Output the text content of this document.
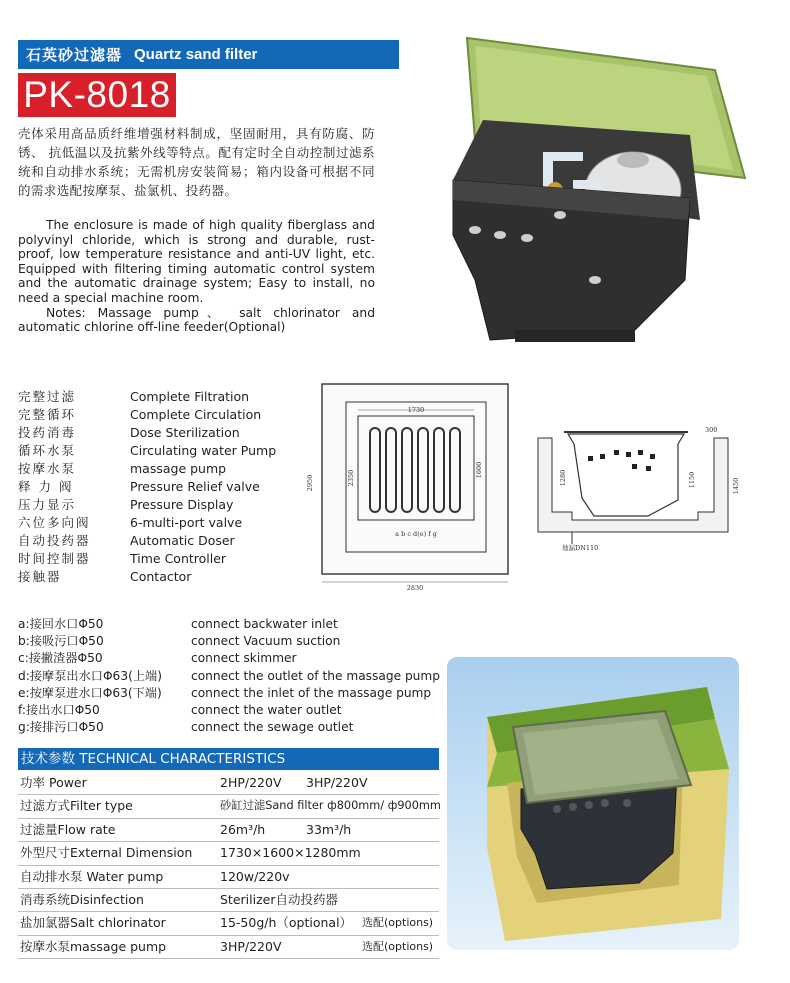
石英砂过滤器 Quartz sand filter
PK-8018
壳体采用高品质纤维增强材料制成，坚固耐用，具有防腐、防锈、 抗低温以及抗紫外线等特点。配有定时全自动控制过滤系统和自动排水系统；无需机房安装简易；箱内设备可根据不同的需求选配按摩泵、盐氯机、投药器。
The enclosure is made of high quality fiberglass and polyvinyl chloride, which is strong and durable, rust-proof, low temperature resistance and anti-UV light, etc. Equipped with filtering timing automatic control system and the automatic drainage system; Easy to install, no need a special machine room.
Notes: Massage pump、 salt chlorinator and automatic chlorine off-line feeder(Optional)
完整过滤	Complete Filtration
完整循环	Complete Circulation
投药消毒	Dose Sterilization
循环水泵	Circulating water Pump
按摩水泵	massage pump
释 力 阀	Pressure Relief valve
压力显示	Pressure Display
六位多向阀	6-multi-port valve
自动投药器	Automatic Doser
时间控制器	Time Controller
接触器	Contactor
1730
a b c d(e) f g
2830
2950	2350	1600
300
1280	1150	1450
地漏DN110
a:接回水口Φ50	connect backwater inlet
b:接吸污口Φ50	connect Vacuum suction
c:接撇渣器Φ50	connect skimmer
d:接摩泵出水口Φ63(上端)	connect the outlet of the massage pump
e:按摩泵进水口Φ63(下端)	connect the inlet of the massage pump
f:接出水口Φ50	connect the water outlet
g:接排污口Φ50	connect the sewage outlet
技术参数 TECHNICAL CHARACTERISTICS
功率 Power	2HP/220V 3HP/220V
过滤方式Filter type	砂缸过滤Sand filter ф800mm/ ф900mm
过滤量Flow rate	26m³/h	33m³/h
外型尺寸External Dimension 1730×1600×1280mm
自动排水泵 Water pump	120w/220v
消毒系统Disinfection	Sterilizer自动投药器
盐加氯器Salt chlorinator	15-50g/h（optional） 选配(options)
按摩水泵massage pump	3HP/220V	选配(options)
